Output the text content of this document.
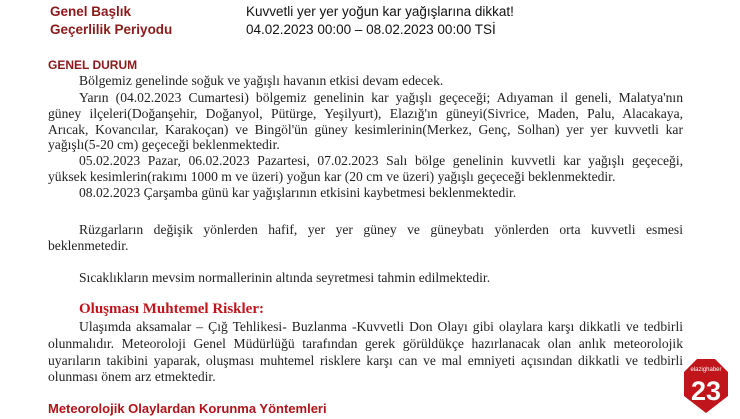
Genel Başlık	Kuvvetli yer yer yoğun kar yağışlarına dikkat!
Geçerlilik Periyodu	04.02.2023 00:00 – 08.02.2023 00:00 TSİ
GENEL DURUM
Bölgemiz genelinde soğuk ve yağışlı havanın etkisi devam edecek.
Yarın (04.02.2023 Cumartesi) bölgemiz genelinin kar yağışlı geçeceği; Adıyaman il geneli, Malatya'nın
güney ilçeleri(Doğanşehir, Doğanyol, Pütürge, Yeşilyurt), Elazığ'ın güneyi(Sivrice, Maden, Palu, Alacakaya,
Arıcak, Kovancılar, Karakoçan) ve Bingöl'ün güney kesimlerinin(Merkez, Genç, Solhan) yer yer kuvvetli kar
yağışlı(5-20 cm) geçeceği beklenmektedir.
05.02.2023 Pazar, 06.02.2023 Pazartesi, 07.02.2023 Salı bölge genelinin kuvvetli kar yağışlı geçeceği,
yüksek kesimlerin(rakımı 1000 m ve üzeri) yoğun kar (20 cm ve üzeri) yağışlı geçeceği beklenmektedir.
08.02.2023 Çarşamba günü kar yağışlarının etkisini kaybetmesi beklenmektedir.
Rüzgarların değişik yönlerden hafif, yer yer güney ve güneybatı yönlerden orta kuvvetli esmesi
beklenmetedir.
Sıcaklıkların mevsim normallerinin altında seyretmesi tahmin edilmektedir.
Oluşması Muhtemel Riskler:
Ulaşımda aksamalar – Çığ Tehlikesi- Buzlanma -Kuvvetli Don Olayı gibi olaylara karşı dikkatli ve tedbirli
olunmalıdır. Meteoroloji Genel Müdürlüğü tarafından gerek görüldükçe hazırlanacak olan anlık meteorolojik
uyarıların takibini yaparak, oluşması muhtemel risklere karşı can ve mal emniyeti açısından dikkatli ve tedbirli
olunması önem arz etmektedir.
Meteorolojik Olaylardan Korunma Yöntemleri
elazighaber
23
